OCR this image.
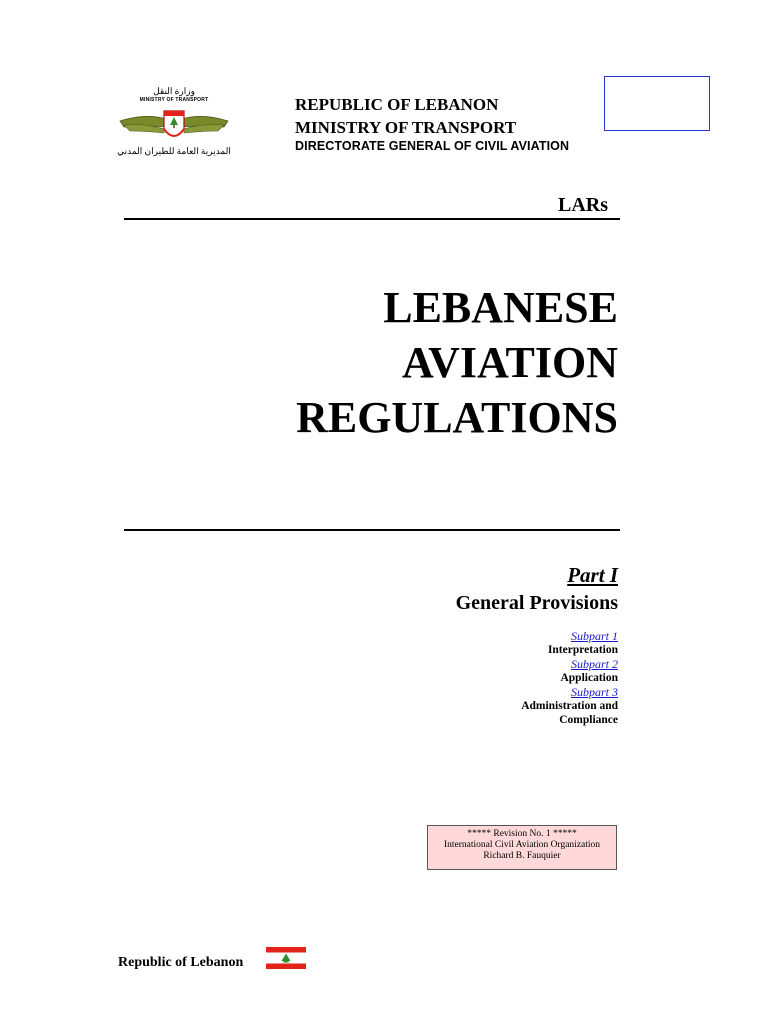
وزارة النقل
MINISTRY OF TRANSPORT
المديرية العامة للطيران المدني
REPUBLIC OF LEBANON
MINISTRY OF TRANSPORT
DIRECTORATE GENERAL OF CIVIL AVIATION
LARs
LEBANESE
AVIATION
REGULATIONS
Part I
General Provisions
Subpart 1
Interpretation
Subpart 2
Application
Subpart 3
Administration and
Compliance
***** Revision No. 1 *****
International Civil Aviation Organization
Richard B. Fauquier
Republic of Lebanon
